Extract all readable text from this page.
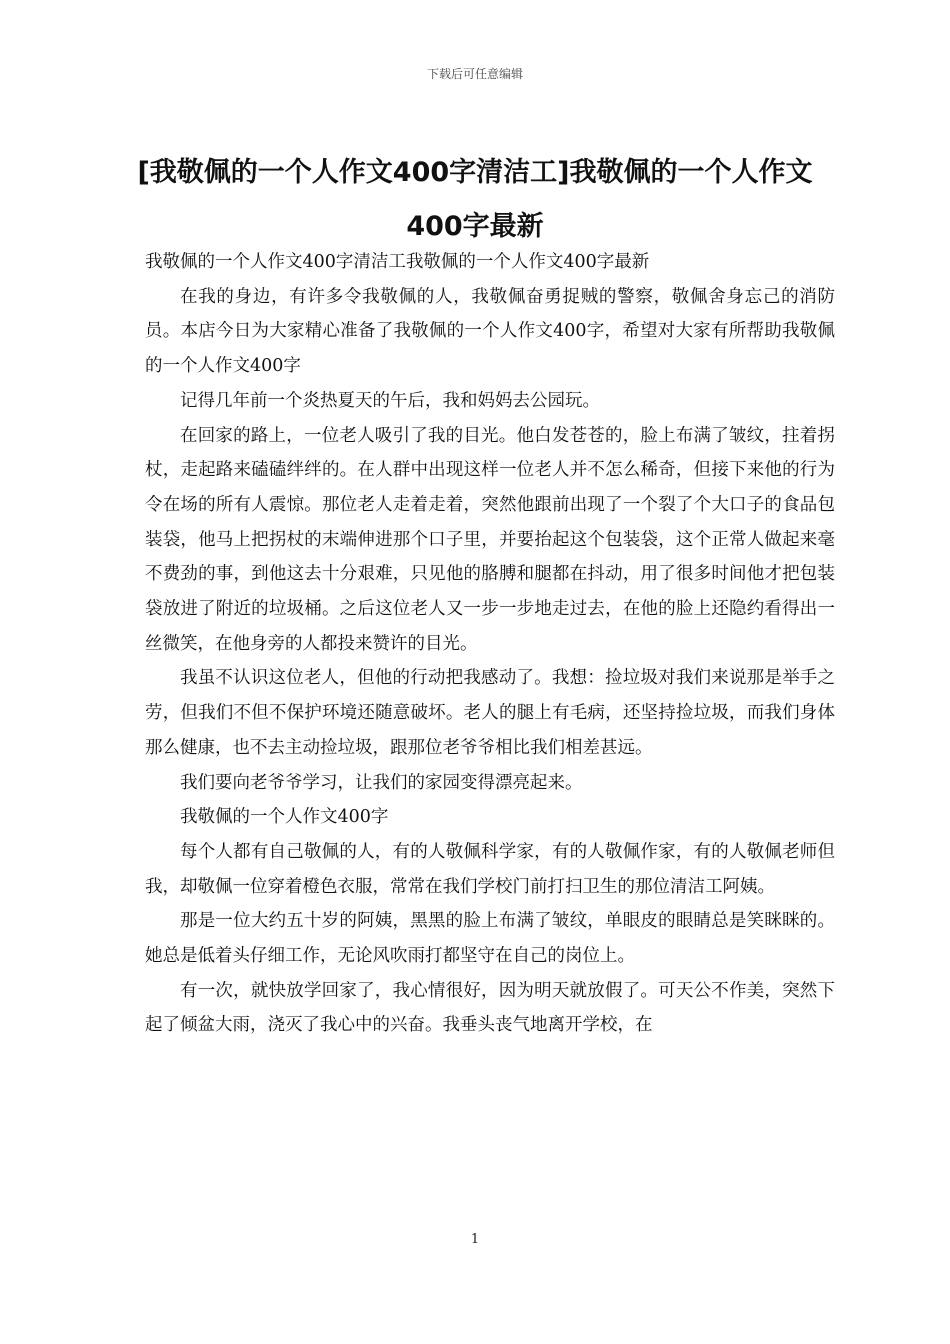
下载后可任意编辑
[我敬佩的一个人作文400字清洁工]我敬佩的一个人作文400字最新

我敬佩的一个人作文400字清洁工我敬佩的一个人作文400字最新

在我的身边，有许多令我敬佩的人，我敬佩奋勇捉贼的警察，敬佩舍身忘己的消防员。本店今日为大家精心准备了我敬佩的一个人作文400字，希望对大家有所帮助我敬佩的一个人作文400字

记得几年前一个炎热夏天的午后，我和妈妈去公园玩。

在回家的路上，一位老人吸引了我的目光。他白发苍苍的，脸上布满了皱纹，拄着拐杖，走起路来磕磕绊绊的。在人群中出现这样一位老人并不怎么稀奇，但接下来他的行为令在场的所有人震惊。那位老人走着走着，突然他跟前出现了一个裂了个大口子的食品包装袋，他马上把拐杖的末端伸进那个口子里，并要抬起这个包装袋，这个正常人做起来毫不费劲的事，到他这去十分艰难，只见他的胳膊和腿都在抖动，用了很多时间他才把包装袋放进了附近的垃圾桶。之后这位老人又一步一步地走过去，在他的脸上还隐约看得出一丝微笑，在他身旁的人都投来赞许的目光。

我虽不认识这位老人，但他的行动把我感动了。我想：捡垃圾对我们来说那是举手之劳，但我们不但不保护环境还随意破坏。老人的腿上有毛病，还坚持捡垃圾，而我们身体那么健康，也不去主动捡垃圾，跟那位老爷爷相比我们相差甚远。

我们要向老爷爷学习，让我们的家园变得漂亮起来。

我敬佩的一个人作文400字

每个人都有自己敬佩的人，有的人敬佩科学家，有的人敬佩作家，有的人敬佩老师但我，却敬佩一位穿着橙色衣服，常常在我们学校门前打扫卫生的那位清洁工阿姨。

那是一位大约五十岁的阿姨，黑黑的脸上布满了皱纹，单眼皮的眼睛总是笑眯眯的。她总是低着头仔细工作，无论风吹雨打都坚守在自己的岗位上。

有一次，就快放学回家了，我心情很好，因为明天就放假了。可天公不作美，突然下起了倾盆大雨，浇灭了我心中的兴奋。我垂头丧气地离开学校，在

1
